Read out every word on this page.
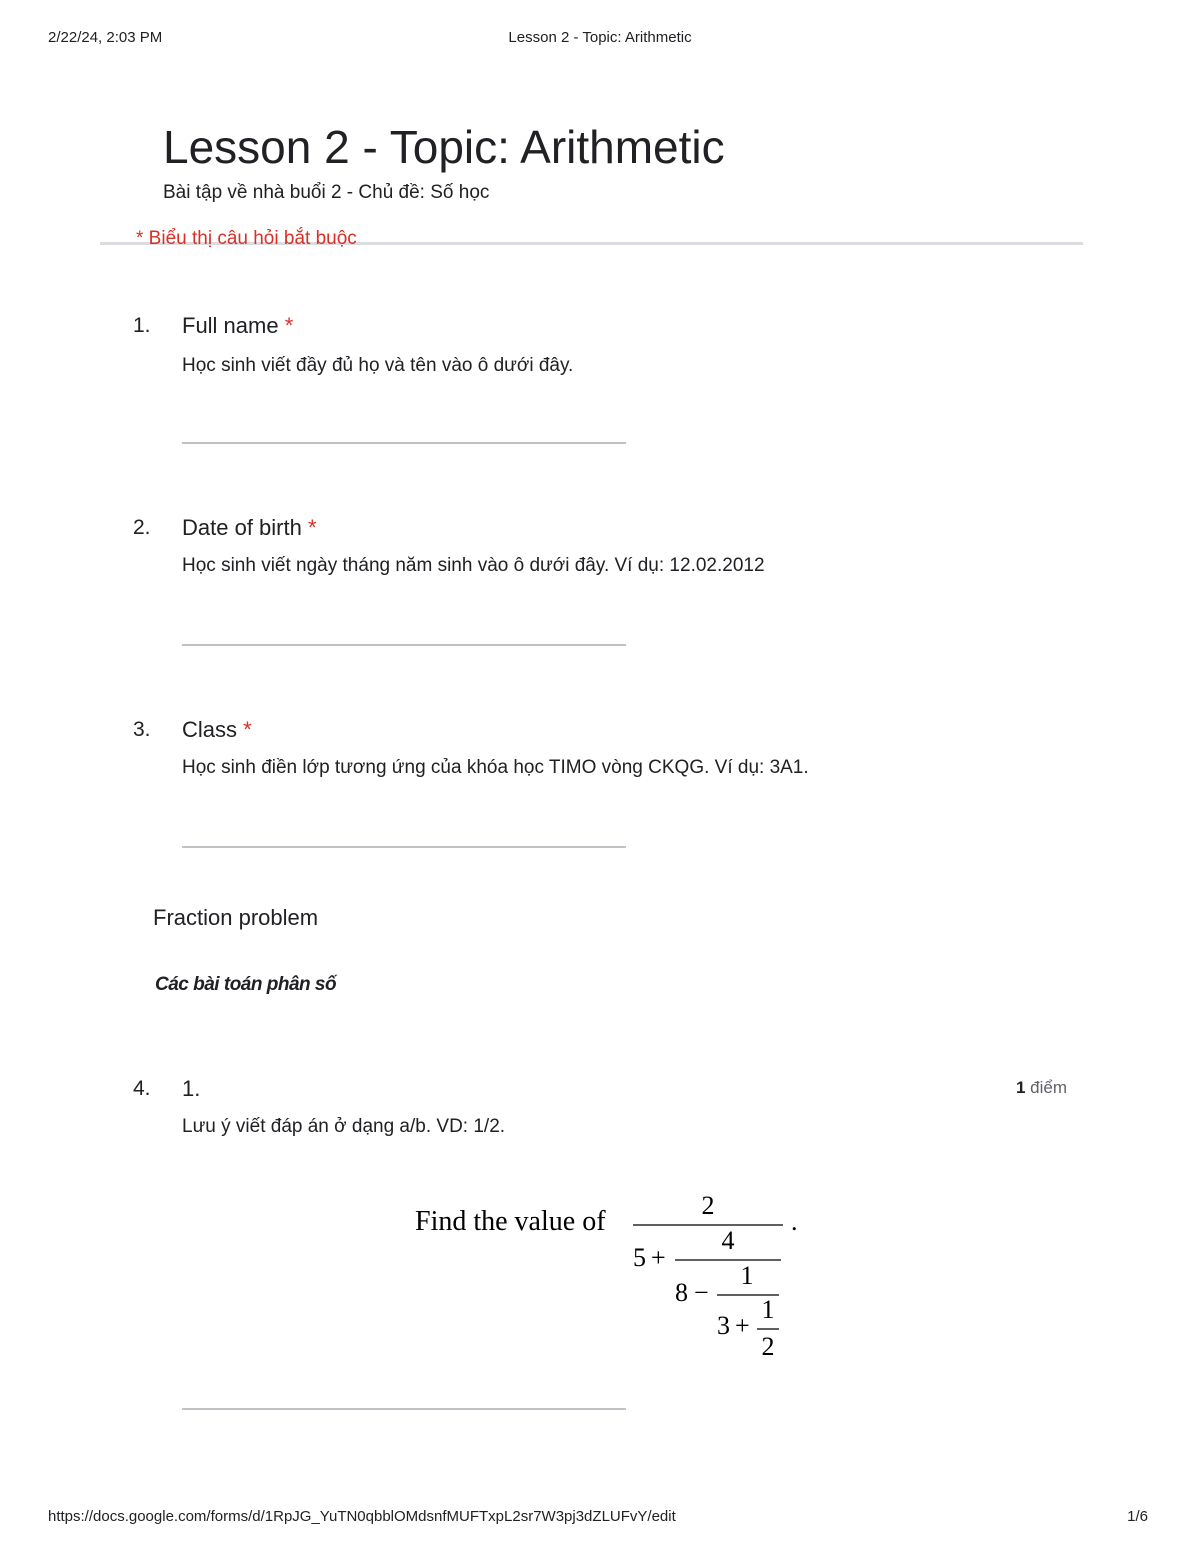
2/22/24, 2:03 PM	Lesson 2 - Topic: Arithmetic
Lesson 2 - Topic: Arithmetic
Bài tập về nhà buổi 2 - Chủ đề: Số học
* Biểu thị câu hỏi bắt buộc
1. Full name *
Học sinh viết đầy đủ họ và tên vào ô dưới đây.
2. Date of birth *
Học sinh viết ngày tháng năm sinh vào ô dưới đây. Ví dụ: 12.02.2012
3. Class *
Học sinh điền lớp tương ứng của khóa học TIMO vòng CKQG. Ví dụ: 3A1.
Fraction problem
Các bài toán phân số
4. 1.	1 điểm
Lưu ý viết đáp án ở dạng a/b. VD: 1/2.
Find the value of
2
.
5 +
4
8 −
1
3 +
1
2
https://docs.google.com/forms/d/1RpJG_YuTN0qbblOMdsnfMUFTxpL2sr7W3pj3dZLUFvY/edit	1/6
